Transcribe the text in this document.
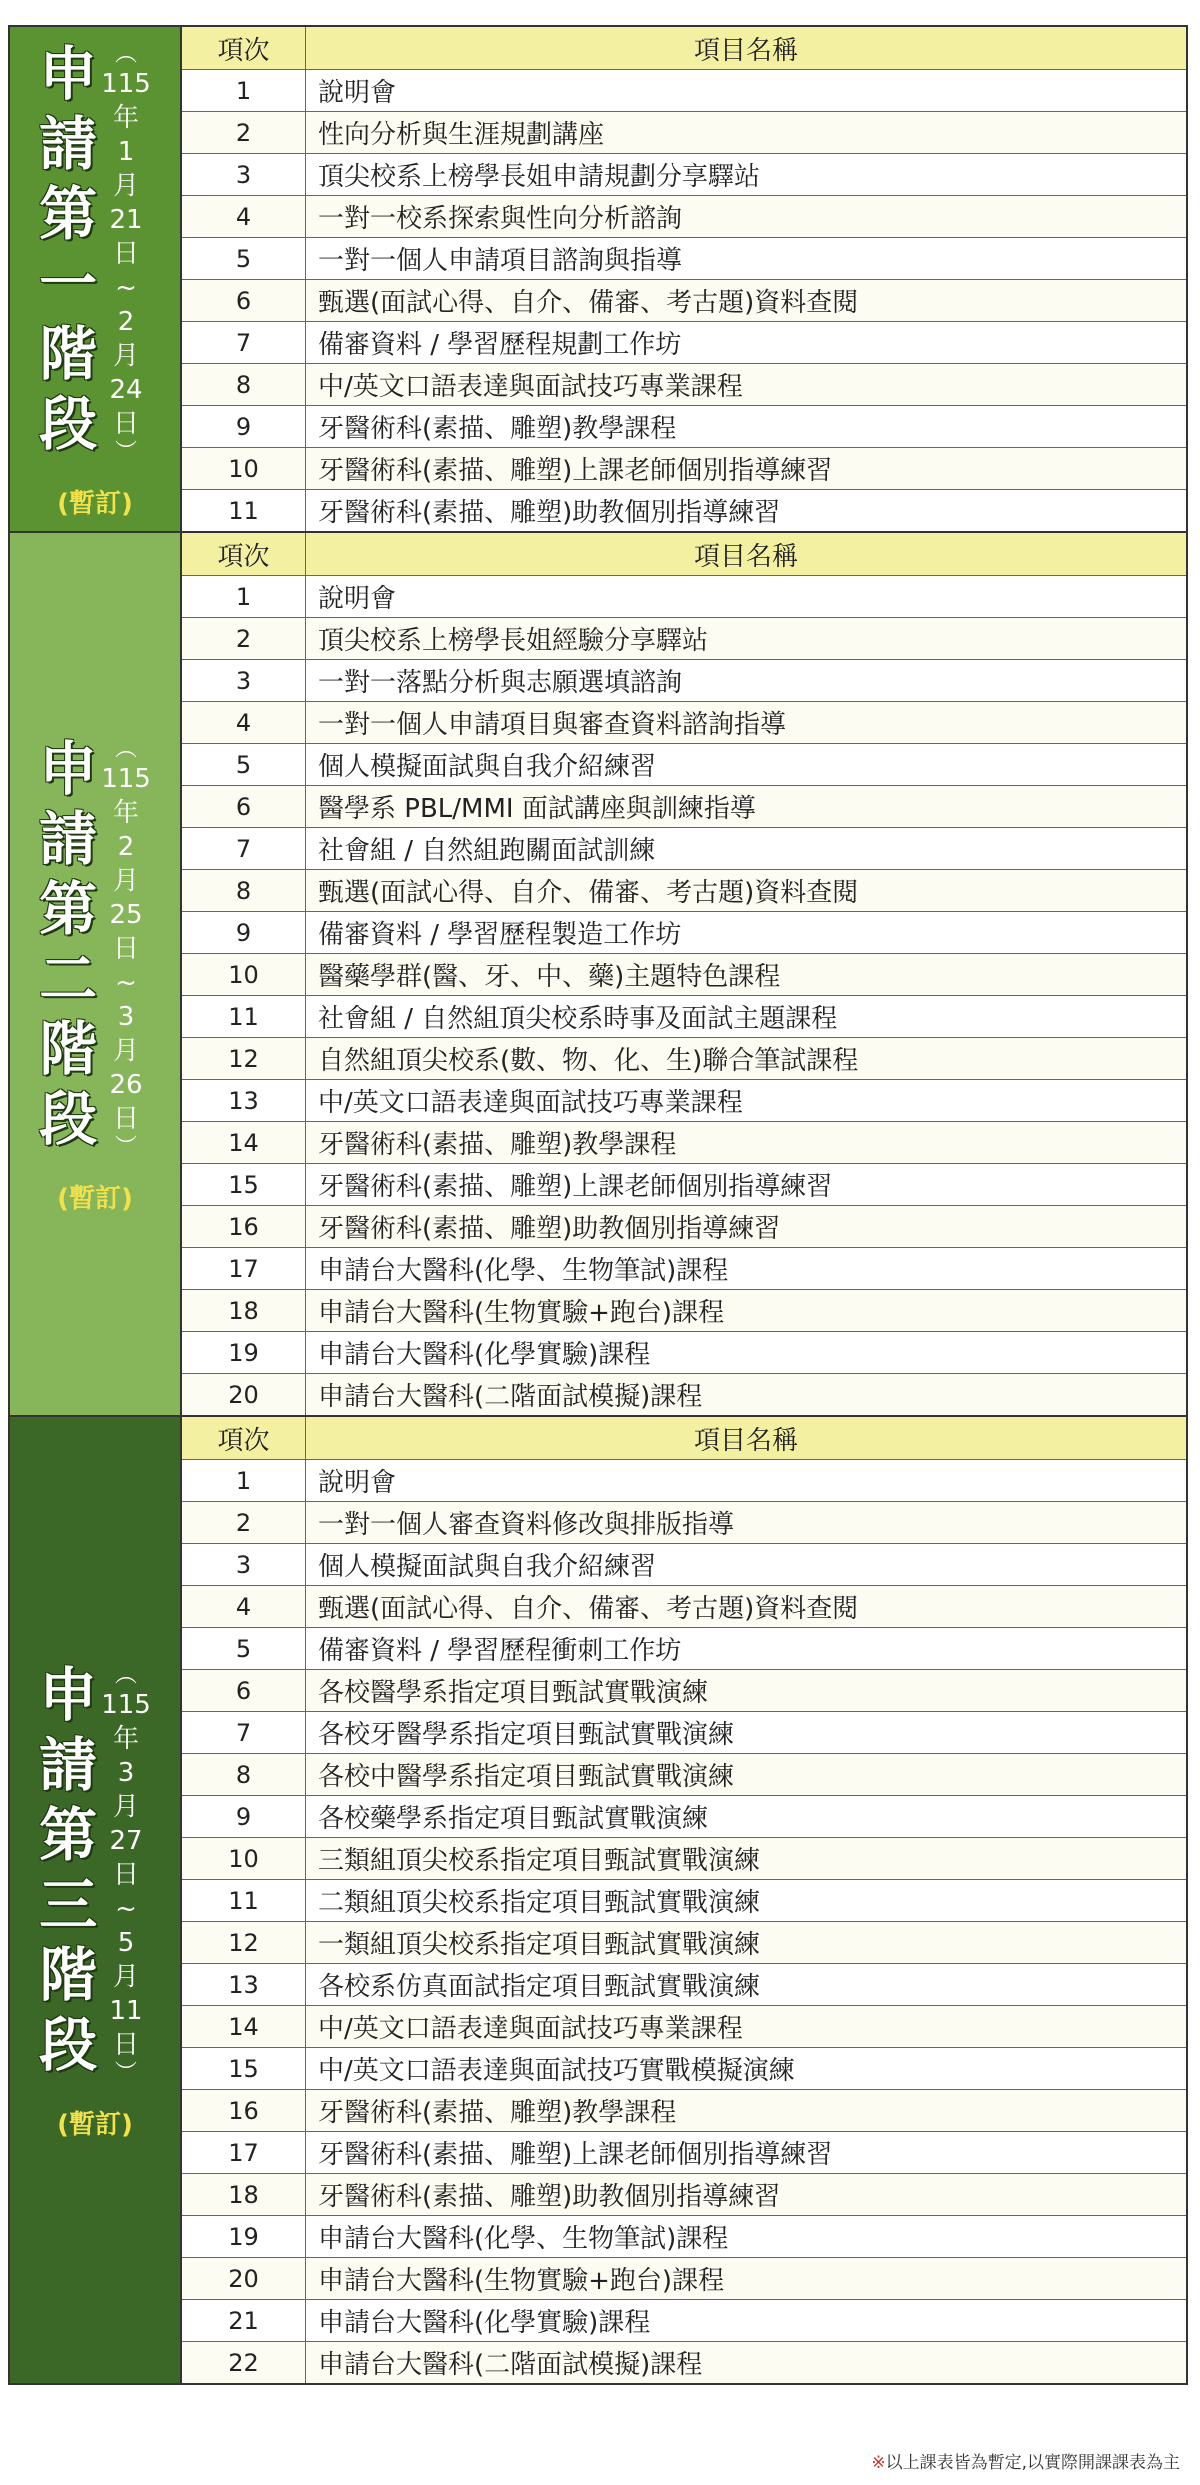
申
請
第
一
階
段
︵
115
年
1
月
21
日
~
2
月
24
日
︶
(暫訂)
項次	項目名稱
1	說明會
2	性向分析與生涯規劃講座
3	頂尖校系上榜學長姐申請規劃分享驛站
4	一對一校系探索與性向分析諮詢
5	一對一個人申請項目諮詢與指導
6	甄選(面試心得、自介、備審、考古題)資料查閱
7	備審資料 / 學習歷程規劃工作坊
8	中/英文口語表達與面試技巧專業課程
9	牙醫術科(素描、雕塑)教學課程
10	牙醫術科(素描、雕塑)上課老師個別指導練習
11	牙醫術科(素描、雕塑)助教個別指導練習
申
請
第
二
階
段
︵
115
年
2
月
25
日
~
3
月
26
日
︶
(暫訂)
項次	項目名稱
1	說明會
2	頂尖校系上榜學長姐經驗分享驛站
3	一對一落點分析與志願選填諮詢
4	一對一個人申請項目與審查資料諮詢指導
5	個人模擬面試與自我介紹練習
6	醫學系 PBL/MMI 面試講座與訓練指導
7	社會組 / 自然組跑關面試訓練
8	甄選(面試心得、自介、備審、考古題)資料查閱
9	備審資料 / 學習歷程製造工作坊
10	醫藥學群(醫、牙、中、藥)主題特色課程
11	社會組 / 自然組頂尖校系時事及面試主題課程
12	自然組頂尖校系(數、物、化、生)聯合筆試課程
13	中/英文口語表達與面試技巧專業課程
14	牙醫術科(素描、雕塑)教學課程
15	牙醫術科(素描、雕塑)上課老師個別指導練習
16	牙醫術科(素描、雕塑)助教個別指導練習
17	申請台大醫科(化學、生物筆試)課程
18	申請台大醫科(生物實驗+跑台)課程
19	申請台大醫科(化學實驗)課程
20	申請台大醫科(二階面試模擬)課程
申
請
第
三
階
段
︵
115
年
3
月
27
日
~
5
月
11
日
︶
(暫訂)
項次	項目名稱
1	說明會
2	一對一個人審查資料修改與排版指導
3	個人模擬面試與自我介紹練習
4	甄選(面試心得、自介、備審、考古題)資料查閱
5	備審資料 / 學習歷程衝刺工作坊
6	各校醫學系指定項目甄試實戰演練
7	各校牙醫學系指定項目甄試實戰演練
8	各校中醫學系指定項目甄試實戰演練
9	各校藥學系指定項目甄試實戰演練
10	三類組頂尖校系指定項目甄試實戰演練
11	二類組頂尖校系指定項目甄試實戰演練
12	一類組頂尖校系指定項目甄試實戰演練
13	各校系仿真面試指定項目甄試實戰演練
14	中/英文口語表達與面試技巧專業課程
15	中/英文口語表達與面試技巧實戰模擬演練
16	牙醫術科(素描、雕塑)教學課程
17	牙醫術科(素描、雕塑)上課老師個別指導練習
18	牙醫術科(素描、雕塑)助教個別指導練習
19	申請台大醫科(化學、生物筆試)課程
20	申請台大醫科(生物實驗+跑台)課程
21	申請台大醫科(化學實驗)課程
22	申請台大醫科(二階面試模擬)課程
※以上課表皆為暫定,以實際開課課表為主
